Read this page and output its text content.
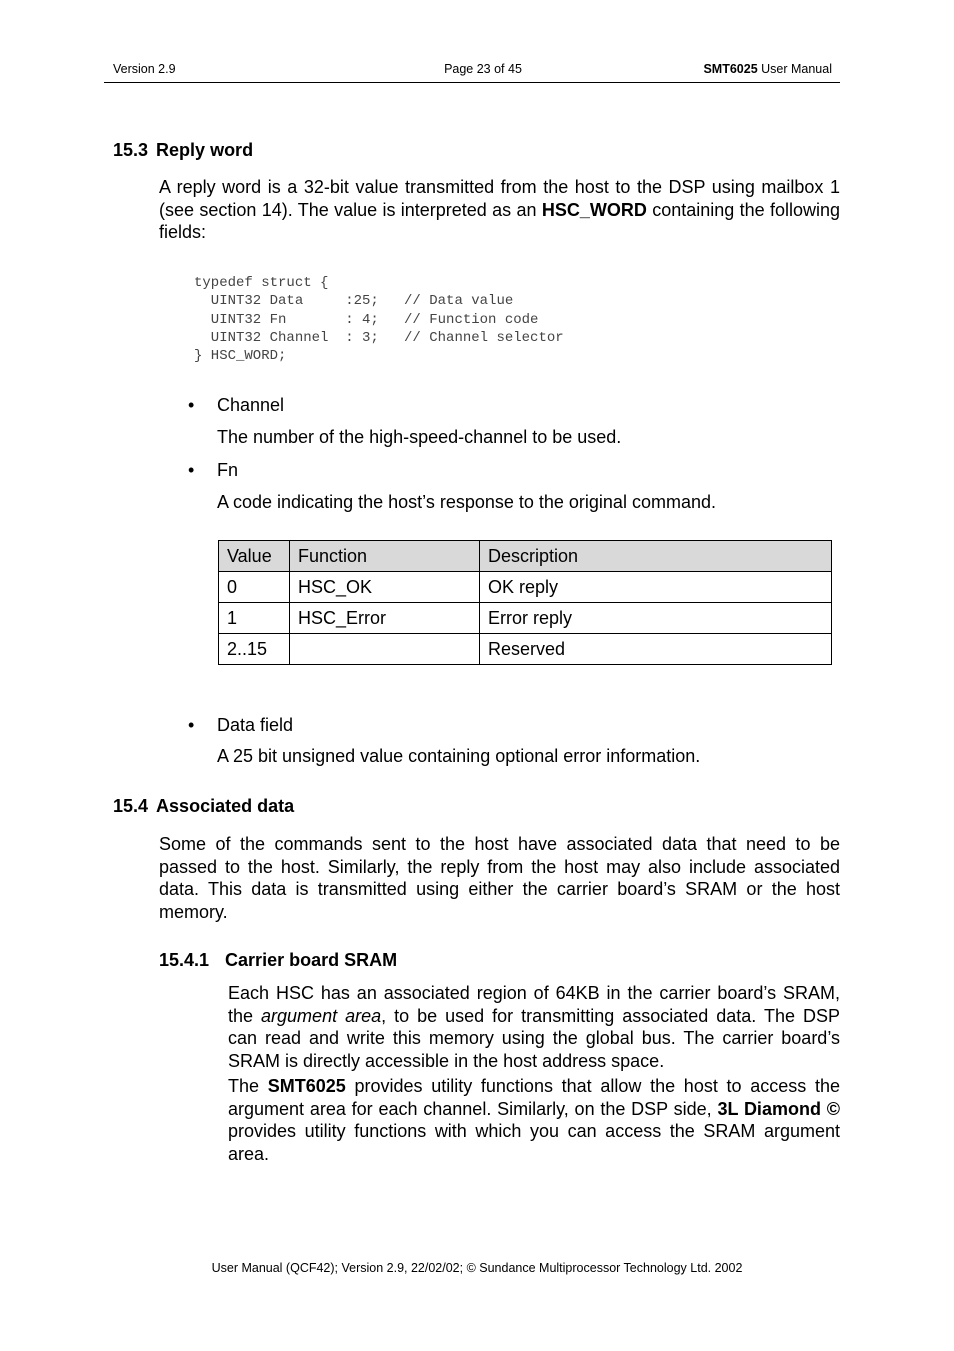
Version 2.9	Page 23 of 45	SMT6025 User Manual
15.3 Reply word
A reply word is a 32-bit value transmitted from the host to the DSP using mailbox 1 (see section 14). The value is interpreted as an HSC_WORD containing the following fields:
typedef struct {
UINT32 Data     :25;   // Data value
UINT32 Fn       : 4;   // Function code
UINT32 Channel  : 3;   // Channel selector
} HSC_WORD;
• Channel
The number of the high-speed-channel to be used.
• Fn
A code indicating the host’s response to the original command.
Value	Function	Description
0	HSC_OK	OK reply
1	HSC_Error	Error reply
2..15		Reserved
• Data field
A 25 bit unsigned value containing optional error information.
15.4 Associated data
Some of the commands sent to the host have associated data that need to be passed to the host. Similarly, the reply from the host may also include associated data. This data is transmitted using either the carrier board’s SRAM or the host memory.
15.4.1 Carrier board SRAM
Each HSC has an associated region of 64KB in the carrier board’s SRAM, the argument area, to be used for transmitting associated data. The DSP can read and write this memory using the global bus. The carrier board’s SRAM is directly accessible in the host address space.
The SMT6025 provides utility functions that allow the host to access the argument area for each channel. Similarly, on the DSP side, 3L Diamond © provides utility functions with which you can access the SRAM argument area.
User Manual (QCF42); Version 2.9, 22/02/02; © Sundance Multiprocessor Technology Ltd. 2002
